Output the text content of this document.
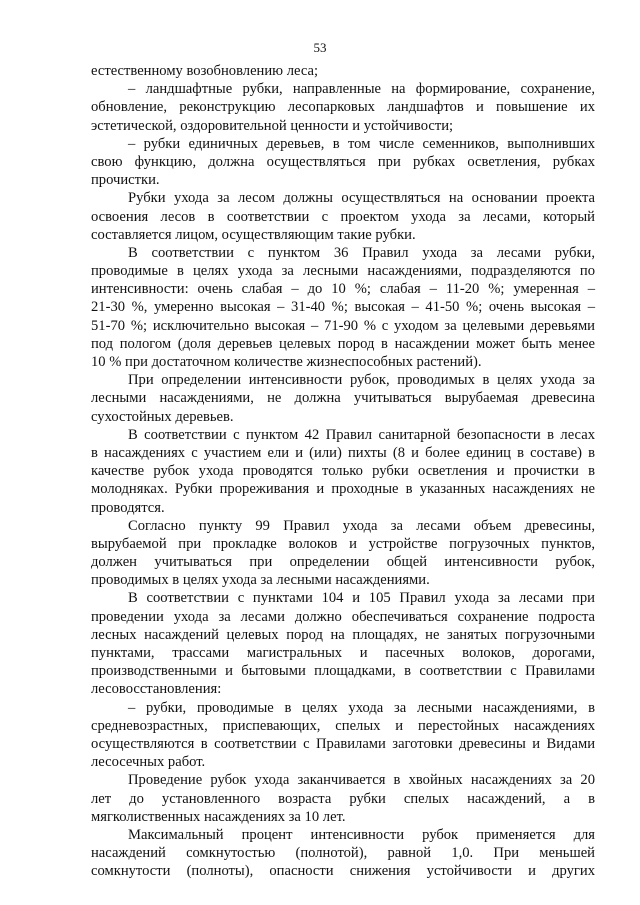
53
естественному возобновлению леса;
– ландшафтные рубки, направленные на формирование, сохранение,
обновление, реконструкцию лесопарковых ландшафтов и повышение их
эстетической, оздоровительной ценности и устойчивости;
– рубки единичных деревьев, в том числе семенников, выполнивших
свою функцию, должна осуществляться при рубках осветления, рубках
прочистки.
Рубки ухода за лесом должны осуществляться на основании проекта
освоения лесов в соответствии с проектом ухода за лесами, который
составляется лицом, осуществляющим такие рубки.
В соответствии с пунктом 36 Правил ухода за лесами рубки,
проводимые в целях ухода за лесными насаждениями, подразделяются по
интенсивности: очень слабая – до 10 %; слабая – 11-20 %; умеренная –
21-30 %, умеренно высокая – 31-40 %; высокая – 41-50 %; очень высокая –
51-70 %; исключительно высокая – 71-90 % с уходом за целевыми деревьями
под пологом (доля деревьев целевых пород в насаждении может быть менее
10 % при достаточном количестве жизнеспособных растений).
При определении интенсивности рубок, проводимых в целях ухода за
лесными насаждениями, не должна учитываться вырубаемая древесина
сухостойных деревьев.
В соответствии с пунктом 42 Правил санитарной безопасности в лесах
в насаждениях с участием ели и (или) пихты (8 и более единиц в составе) в
качестве рубок ухода проводятся только рубки осветления и прочистки в
молодняках. Рубки прореживания и проходные в указанных насаждениях не
проводятся.
Согласно пункту 99 Правил ухода за лесами объем древесины,
вырубаемой при прокладке волоков и устройстве погрузочных пунктов,
должен учитываться при определении общей интенсивности рубок,
проводимых в целях ухода за лесными насаждениями.
В соответствии с пунктами 104 и 105 Правил ухода за лесами при
проведении ухода за лесами должно обеспечиваться сохранение подроста
лесных насаждений целевых пород на площадях, не занятых погрузочными
пунктами, трассами магистральных и пасечных волоков, дорогами,
производственными и бытовыми площадками, в соответствии с Правилами
лесовосстановления:
– рубки, проводимые в целях ухода за лесными насаждениями, в
средневозрастных, приспевающих, спелых и перестойных насаждениях
осуществляются в соответствии с Правилами заготовки древесины и Видами
лесосечных работ.
Проведение рубок ухода заканчивается в хвойных насаждениях за 20
лет до установленного возраста рубки спелых насаждений, а в
мягколиственных насаждениях за 10 лет.
Максимальный процент интенсивности рубок применяется для
насаждений сомкнутостью (полнотой), равной 1,0. При меньшей
сомкнутости (полноты), опасности снижения устойчивости и других
